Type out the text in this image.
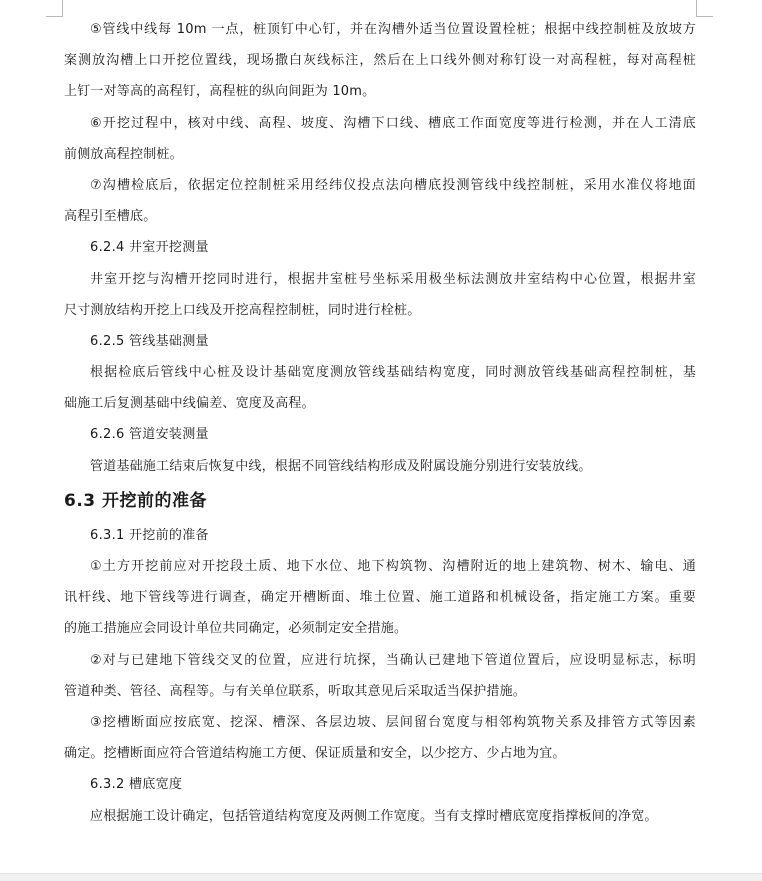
⑤管线中线每 10m 一点，桩顶钉中心钉，并在沟槽外适当位置设置栓桩；根据中线控制桩及放坡方
案测放沟槽上口开挖位置线，现场撒白灰线标注，然后在上口线外侧对称钉设一对高程桩，每对高程桩
上钉一对等高的高程钉，高程桩的纵向间距为 10m。
⑥开挖过程中，核对中线、高程、坡度、沟槽下口线、槽底工作面宽度等进行检测，并在人工清底
前侧放高程控制桩。
⑦沟槽检底后，依据定位控制桩采用经纬仪投点法向槽底投测管线中线控制桩，采用水准仪将地面
高程引至槽底。
6.2.4 井室开挖测量
井室开挖与沟槽开挖同时进行，根据井室桩号坐标采用极坐标法测放井室结构中心位置，根据井室
尺寸测放结构开挖上口线及开挖高程控制桩，同时进行栓桩。
6.2.5 管线基础测量
根据检底后管线中心桩及设计基础宽度测放管线基础结构宽度，同时测放管线基础高程控制桩，基
础施工后复测基础中线偏差、宽度及高程。
6.2.6 管道安装测量
管道基础施工结束后恢复中线，根据不同管线结构形成及附属设施分别进行安装放线。
6.3 开挖前的准备
6.3.1 开挖前的准备
①土方开挖前应对开挖段土质、地下水位、地下构筑物、沟槽附近的地上建筑物、树木、输电、通
讯杆线、地下管线等进行调查，确定开槽断面、堆土位置、施工道路和机械设备，指定施工方案。重要
的施工措施应会同设计单位共同确定，必须制定安全措施。
②对与已建地下管线交叉的位置，应进行坑探，当确认已建地下管道位置后，应设明显标志，标明
管道种类、管径、高程等。与有关单位联系，听取其意见后采取适当保护措施。
③挖槽断面应按底宽、挖深、槽深、各层边坡、层间留台宽度与相邻构筑物关系及排管方式等因素
确定。挖槽断面应符合管道结构施工方便、保证质量和安全，以少挖方、少占地为宜。
6.3.2 槽底宽度
应根据施工设计确定，包括管道结构宽度及两侧工作宽度。当有支撑时槽底宽度指撑板间的净宽。
